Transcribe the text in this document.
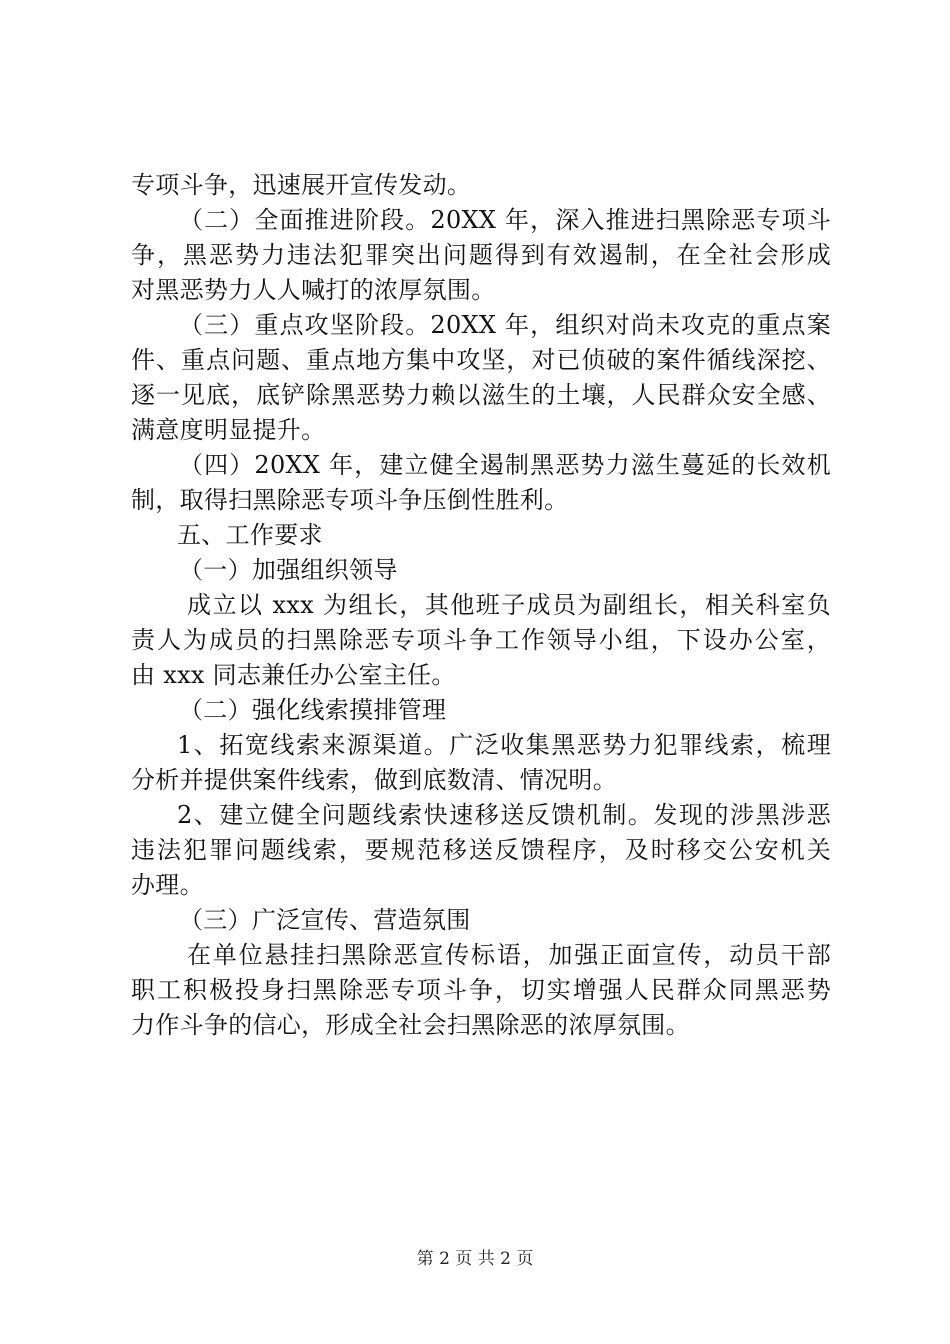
专项斗争，迅速展开宣传发动。
（二）全面推进阶段。20XX 年，深入推进扫黑除恶专项斗
争，黑恶势力违法犯罪突出问题得到有效遏制，在全社会形成
对黑恶势力人人喊打的浓厚氛围。
（三）重点攻坚阶段。20XX 年，组织对尚未攻克的重点案
件、重点问题、重点地方集中攻坚，对已侦破的案件循线深挖、
逐一见底，底铲除黑恶势力赖以滋生的土壤，人民群众安全感、
满意度明显提升。
（四）20XX 年，建立健全遏制黑恶势力滋生蔓延的长效机
制，取得扫黑除恶专项斗争压倒性胜利。
五、工作要求
（一）加强组织领导
成立以 xxx 为组长，其他班子成员为副组长，相关科室负
责人为成员的扫黑除恶专项斗争工作领导小组，下设办公室，
由 xxx 同志兼任办公室主任。
（二）强化线索摸排管理
1、拓宽线索来源渠道。广泛收集黑恶势力犯罪线索，梳理
分析并提供案件线索，做到底数清、情况明。
2、建立健全问题线索快速移送反馈机制。发现的涉黑涉恶
违法犯罪问题线索，要规范移送反馈程序，及时移交公安机关
办理。
（三）广泛宣传、营造氛围
在单位悬挂扫黑除恶宣传标语，加强正面宣传，动员干部
职工积极投身扫黑除恶专项斗争，切实增强人民群众同黑恶势
力作斗争的信心，形成全社会扫黑除恶的浓厚氛围。
第 2 页 共 2 页
